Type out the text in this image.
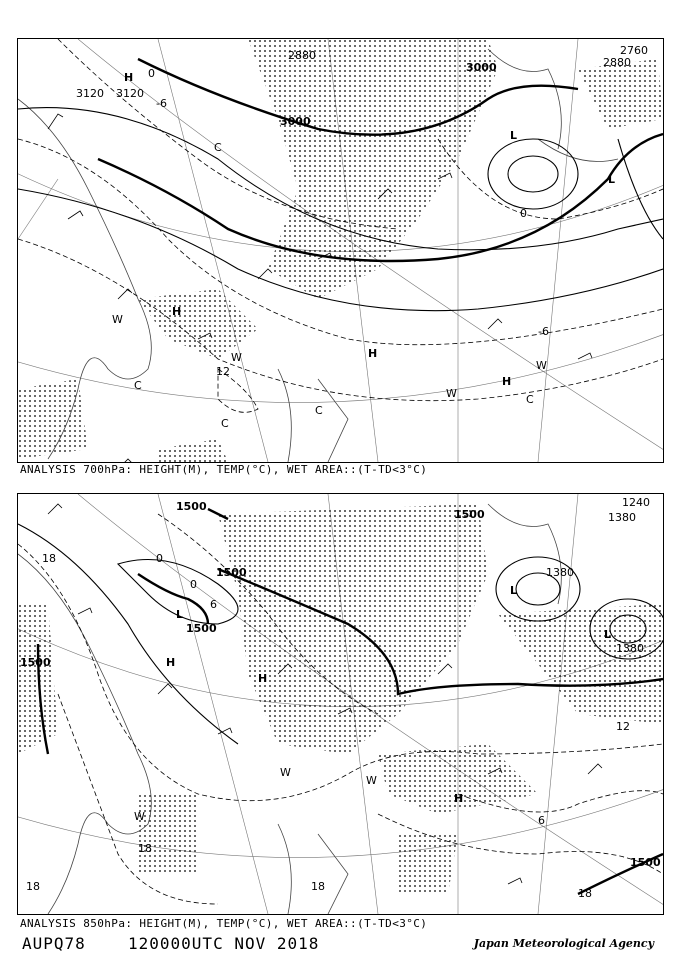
3120 3120
3000
3000
2880	2760
2880
H
L
L
H
H
H
0
0
-6
12
-6
W
W
W
W
C
C
C
C
C
ANALYSIS 700hPa: HEIGHT(M), TEMP(°C), WET AREA::(T-TD<3°C)
1500
1500
1500
1500
1500
1500
1380
1380
1240
1380
L
H
H
L
L
H
18	0
6
0
12
18
18
18
18
6
W
W
W
ANALYSIS 850hPa: HEIGHT(M), TEMP(°C), WET AREA::(T-TD<3°C)
AUPQ78	120000UTC NOV 2018	Japan Meteorological Agency
